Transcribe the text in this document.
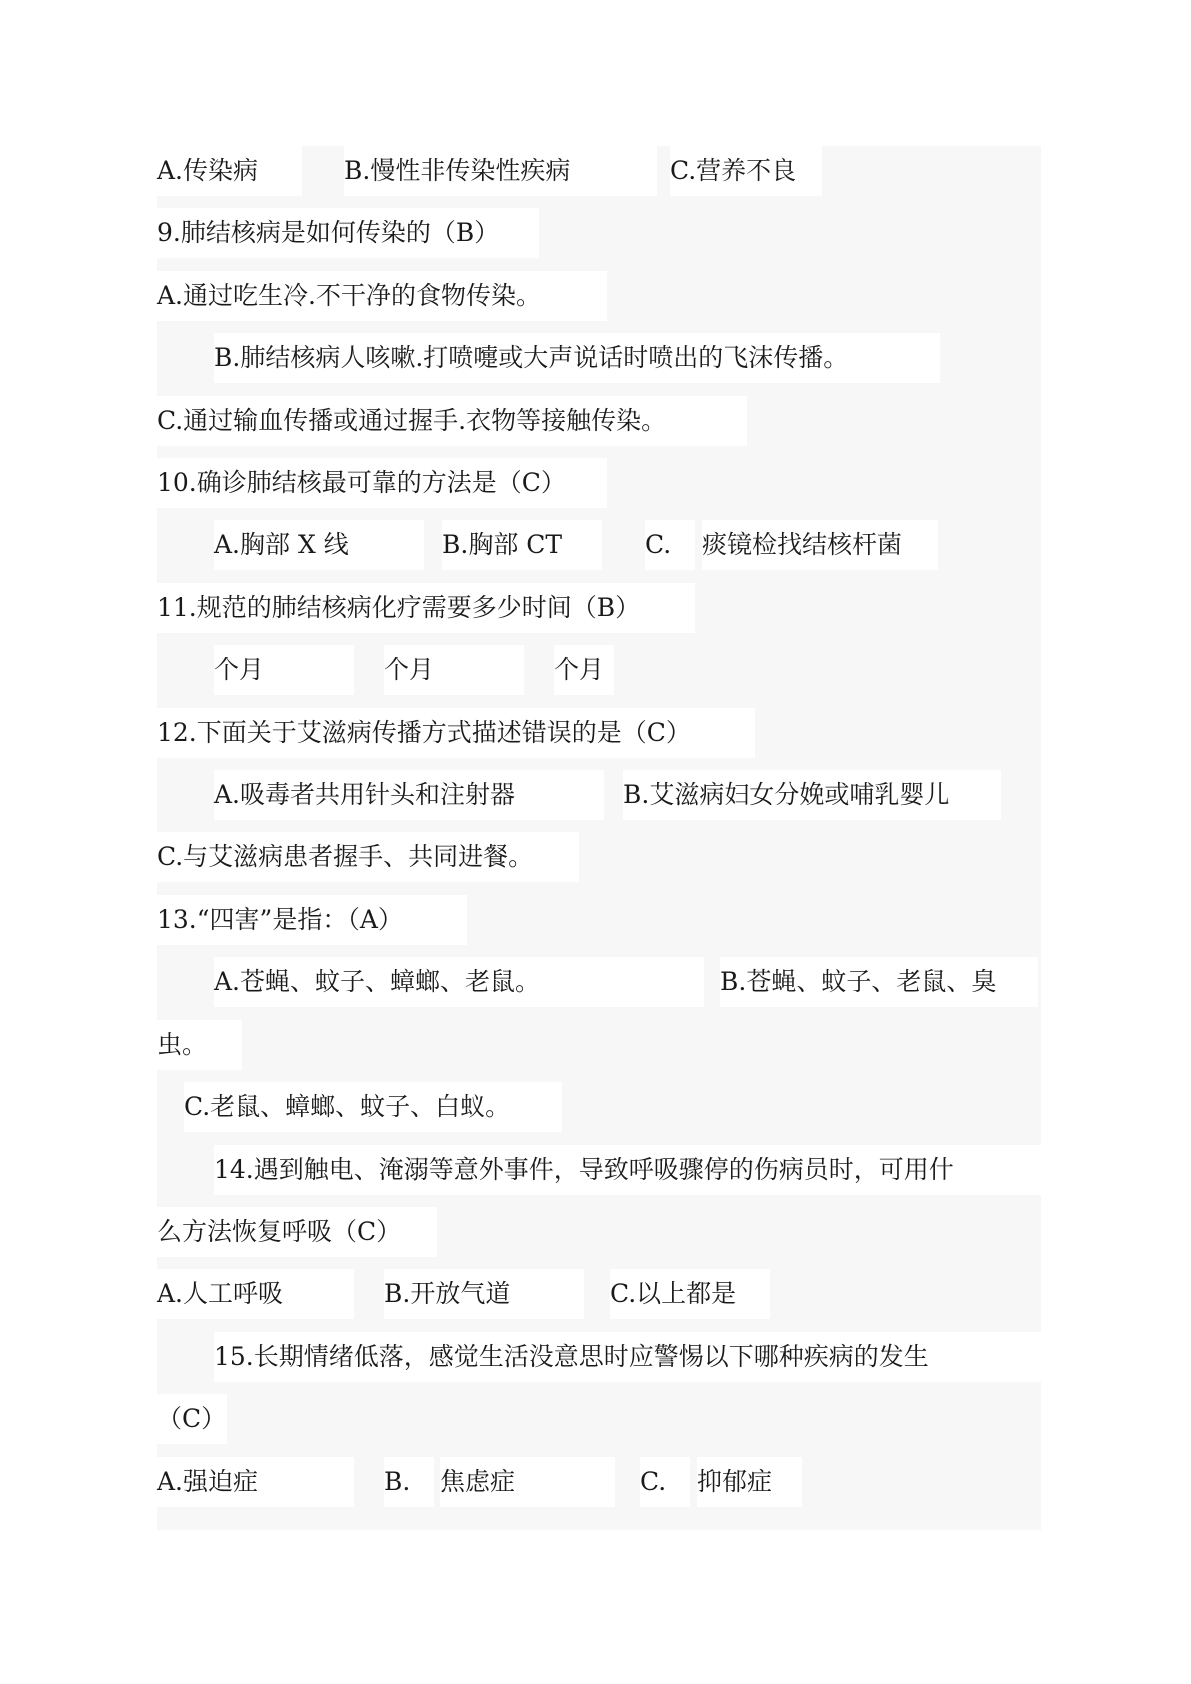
A.传染病	B.慢性非传染性疾病	C.营养不良
9.肺结核病是如何传染的（B）
A.通过吃生冷.不干净的食物传染。
B.肺结核病人咳嗽.打喷嚏或大声说话时喷出的飞沫传播。
C.通过输血传播或通过握手.衣物等接触传染。
10.确诊肺结核最可靠的方法是（C）
A.胸部 X 线	B.胸部 CT	C.	痰镜检找结核杆菌
11.规范的肺结核病化疗需要多少时间（B）
个月	个月	个月
12.下面关于艾滋病传播方式描述错误的是（C）
A.吸毒者共用针头和注射器	B.艾滋病妇女分娩或哺乳婴儿
C.与艾滋病患者握手、共同进餐。
13.“四害”是指：（A）
A.苍蝇、蚊子、蟑螂、老鼠。	B.苍蝇、蚊子、老鼠、臭
虫。
C.老鼠、蟑螂、蚊子、白蚁。
14.遇到触电、淹溺等意外事件，导致呼吸骤停的伤病员时，可用什
么方法恢复呼吸（C）
A.人工呼吸	B.开放气道	C.以上都是
15.长期情绪低落，感觉生活没意思时应警惕以下哪种疾病的发生
（C）
A.强迫症	B.	焦虑症	C.	抑郁症
